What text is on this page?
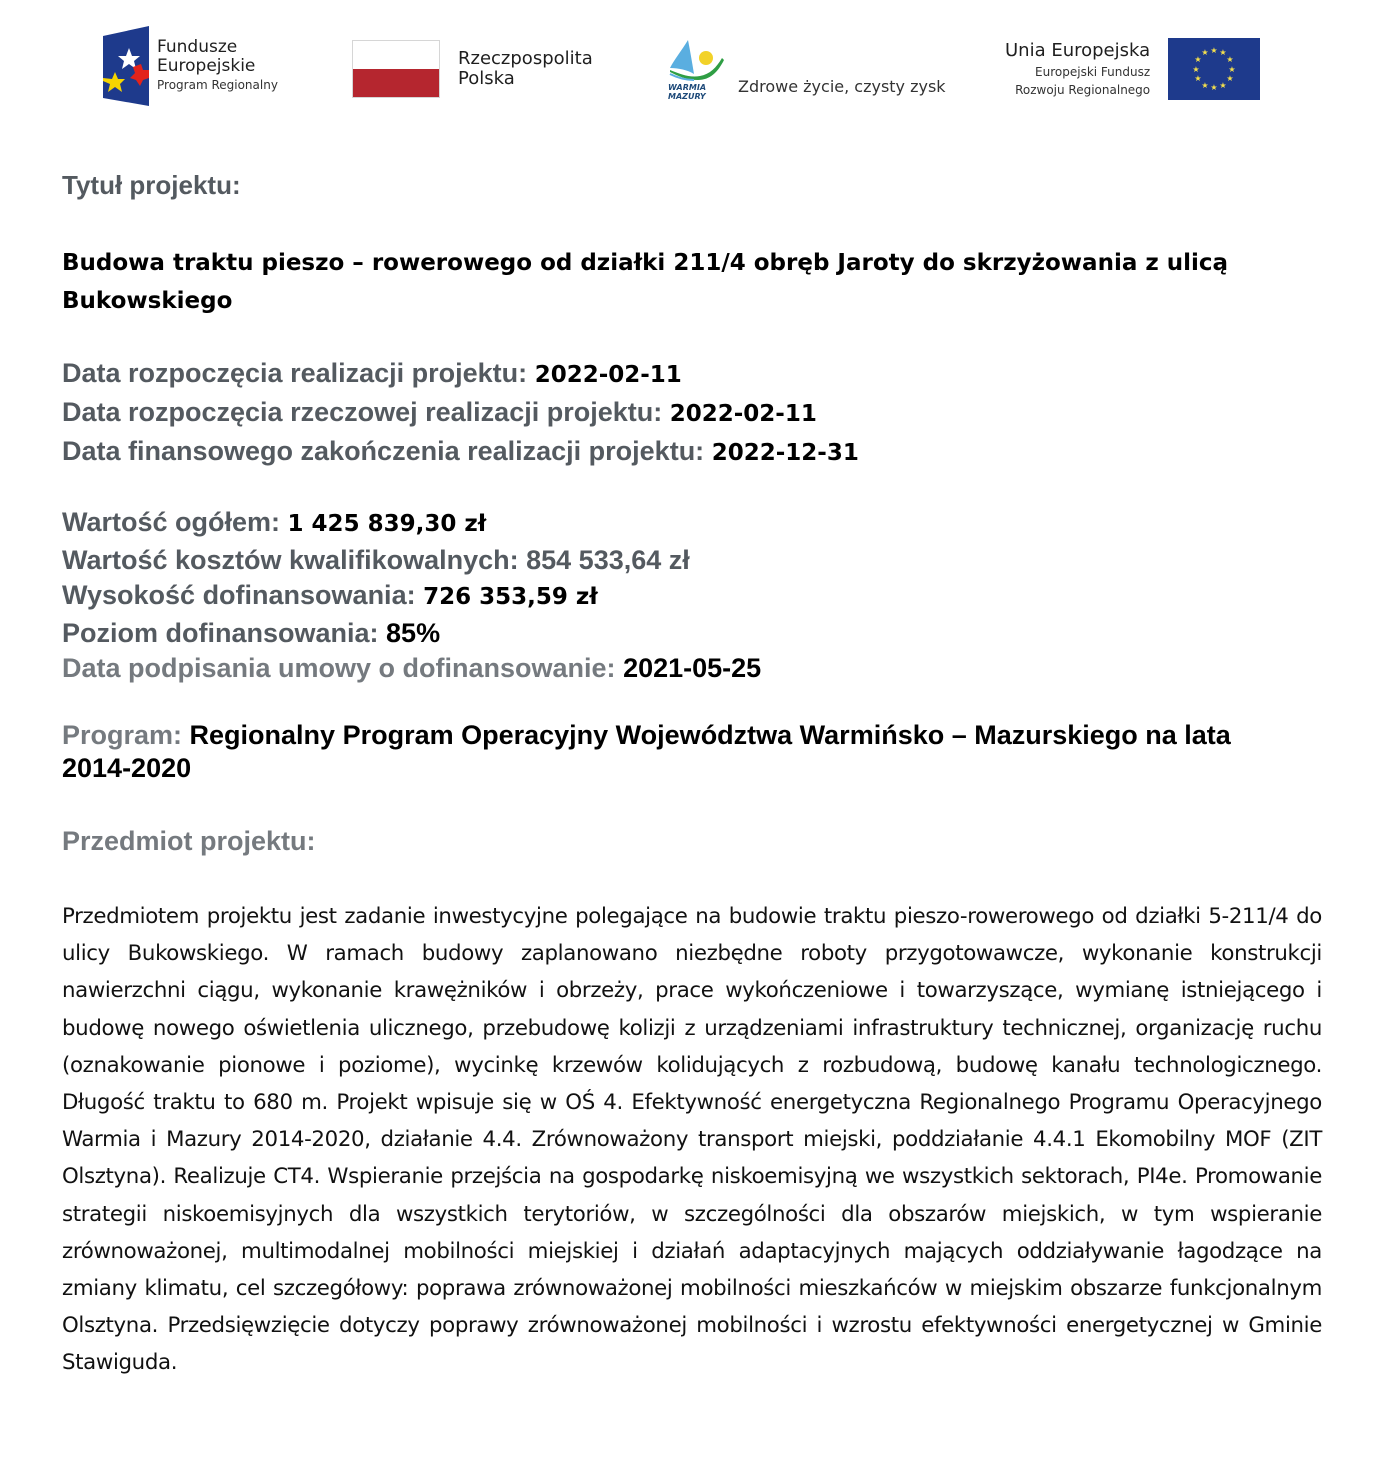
Fundusze
Europejskie
Program Regionalny
Rzeczpospolita
Polska	WARMIA
MAZURY
Zdrowe życie, czysty zysk
Unia Europejska
Europejski Fundusz
Rozwoju Regionalnego
★ ★
★
★
★
★
★
★
★
★
★
★
Tytuł projektu:
Budowa traktu pieszo – rowerowego od działki 211/4 obręb Jaroty do skrzyżowania z ulicą Bukowskiego
Data rozpoczęcia realizacji projektu: 2022-02-11
Data rozpoczęcia rzeczowej realizacji projektu: 2022-02-11
Data finansowego zakończenia realizacji projektu: 2022-12-31
Wartość ogółem: 1 425 839,30 zł
Wartość kosztów kwalifikowalnych: 854 533,64 zł
Wysokość dofinansowania: 726 353,59 zł
Poziom dofinansowania: 85%
Data podpisania umowy o dofinansowanie: 2021-05-25
Program: Regionalny Program Operacyjny Województwa Warmińsko – Mazurskiego na lata 2014-2020
Przedmiot projektu:
Przedmiotem projektu jest zadanie inwestycyjne polegające na budowie traktu pieszo-rowerowego od działki 5-211/4 do ulicy Bukowskiego. W ramach budowy zaplanowano niezbędne roboty przygotowawcze, wykonanie konstrukcji nawierzchni ciągu, wykonanie krawężników i obrzeży, prace wykończeniowe i towarzyszące, wymianę istniejącego i budowę nowego oświetlenia ulicznego, przebudowę kolizji z urządzeniami infrastruktury technicznej, organizację ruchu (oznakowanie pionowe i poziome), wycinkę krzewów kolidujących z rozbudową, budowę kanału technologicznego. Długość traktu to 680 m. Projekt wpisuje się w OŚ 4. Efektywność energetyczna Regionalnego Programu Operacyjnego Warmia i Mazury 2014-2020, działanie 4.4. Zrównoważony transport miejski, poddziałanie 4.4.1 Ekomobilny MOF (ZIT Olsztyna). Realizuje CT4. Wspieranie przejścia na gospodarkę niskoemisyjną we wszystkich sektorach, PI4e. Promowanie strategii niskoemisyjnych dla wszystkich terytoriów, w szczególności dla obszarów miejskich, w tym wspieranie zrównoważonej, multimodalnej mobilności miejskiej i działań adaptacyjnych mających oddziaływanie łagodzące na zmiany klimatu, cel szczegółowy: poprawa zrównoważonej mobilności mieszkańców w miejskim obszarze funkcjonalnym Olsztyna. Przedsięwzięcie dotyczy poprawy zrównoważonej mobilności i wzrostu efektywności energetycznej w Gminie Stawiguda.
